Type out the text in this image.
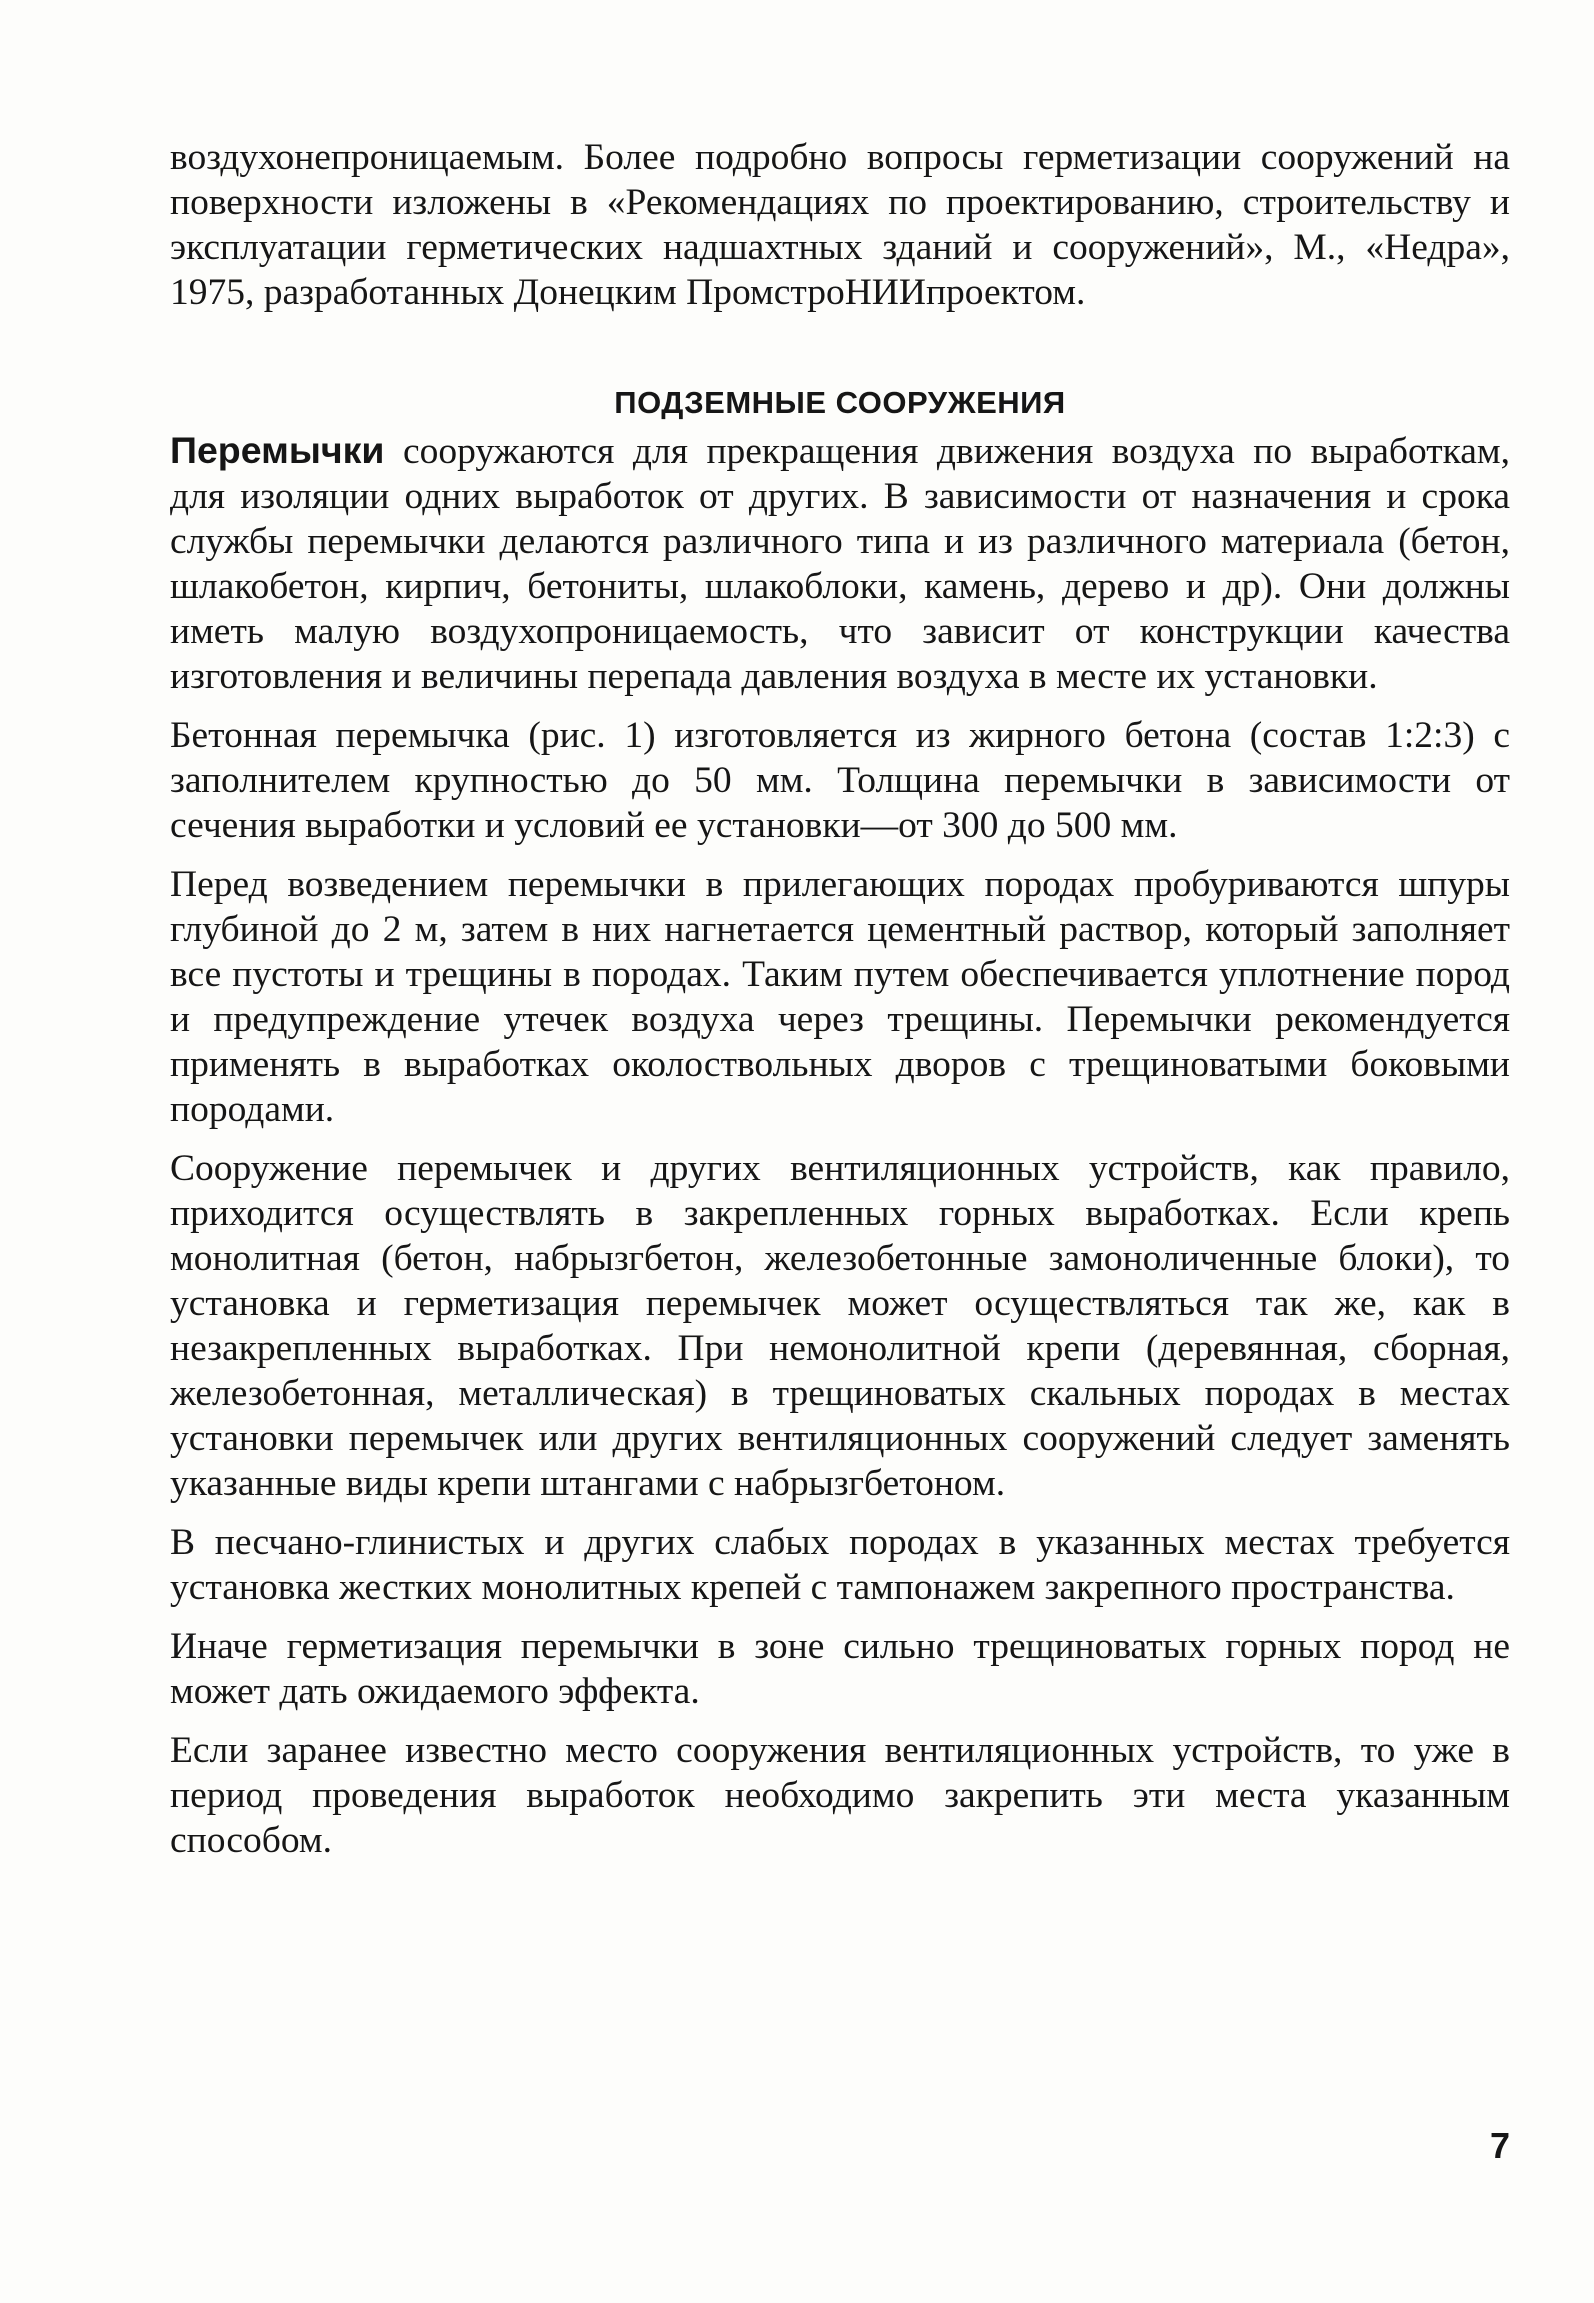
воздухонепроницаемым. Более подробно вопросы герметизации сооружений на поверхности изложены в «Рекомендациях по проектированию, строительству и эксплуатации герметических надшахтных зданий и сооружений», М., «Недра», 1975, разработанных Донецким ПромстроНИИпроектом.
ПОДЗЕМНЫЕ СООРУЖЕНИЯ

Перемычки сооружаются для прекращения движения воздуха по выработкам, для изоляции одних выработок от других. В зависимости от назначения и срока службы перемычки делаются различного типа и из различного материала (бетон, шлакобетон, кирпич, бетониты, шлакоблоки, камень, дерево и др). Они должны иметь малую воздухопроницаемость, что зависит от конструкции качества изготовления и величины перепада давления воздуха в месте их установки.

Бетонная перемычка (рис. 1) изготовляется из жирного бетона (состав 1:2:3) с заполнителем крупностью до 50 мм. Толщина перемычки в зависимости от сечения выработки и условий ее установки—от 300 до 500 мм.

Перед возведением перемычки в прилегающих породах пробуриваются шпуры глубиной до 2 м, затем в них нагнетается цементный раствор, который заполняет все пустоты и трещины в породах. Таким путем обеспечивается уплотнение пород и предупреждение утечек воздуха через трещины. Перемычки рекомендуется применять в выработках околоствольных дворов с трещиноватыми боковыми породами.

Сооружение перемычек и других вентиляционных устройств, как правило, приходится осуществлять в закрепленных горных выработках. Если крепь монолитная (бетон, набрызгбетон, железобетонные замоноличенные блоки), то установка и герметизация перемычек может осуществляться так же, как в незакрепленных выработках. При немонолитной крепи (деревянная, сборная, железобетонная, металлическая) в трещиноватых скальных породах в местах установки перемычек или других вентиляционных сооружений следует заменять указанные виды крепи штангами с набрызгбетоном.

В песчано-глинистых и других слабых породах в указанных местах требуется установка жестких монолитных крепей с тампонажем закрепного пространства.

Иначе герметизация перемычки в зоне сильно трещиноватых горных пород не может дать ожидаемого эффекта.

Если заранее известно место сооружения вентиляционных устройств, то уже в период проведения выработок необходимо закрепить эти места указанным способом.

7
